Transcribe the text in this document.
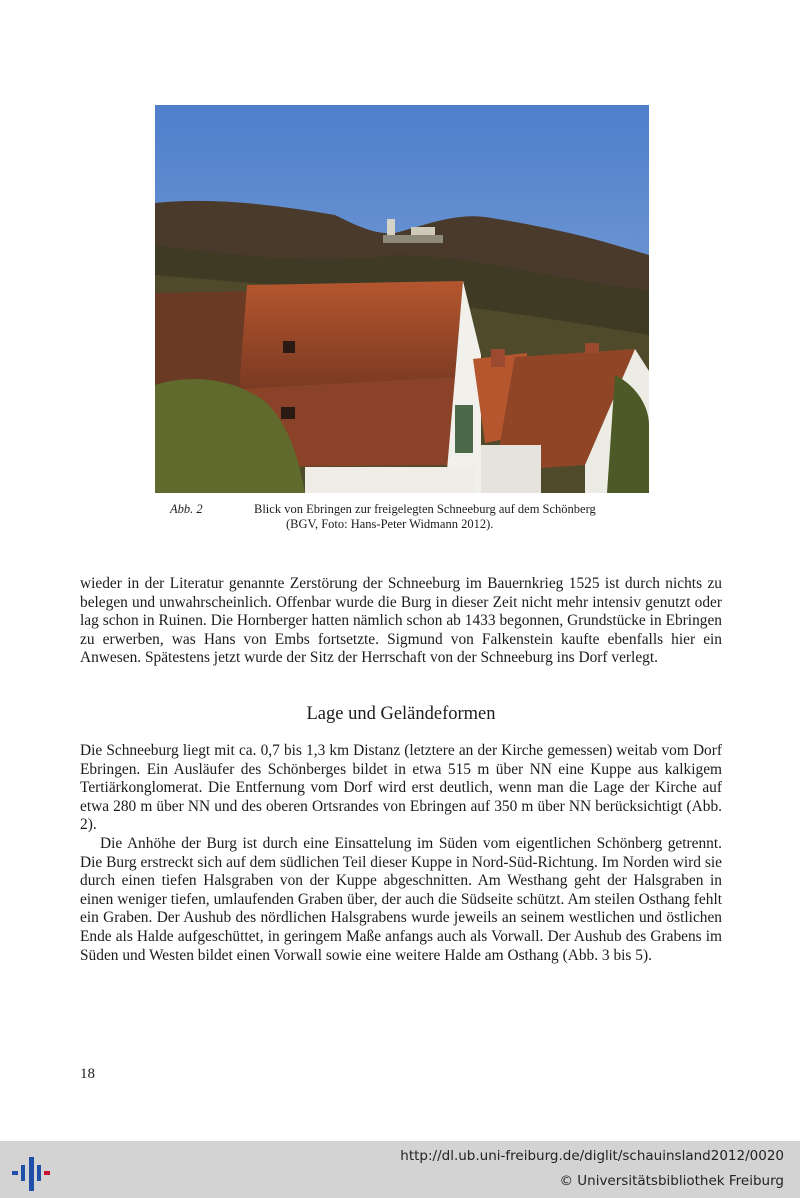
Abb. 2	Blick von Ebringen zur freigelegten Schneeburg auf dem Schönberg
(BGV, Foto: Hans-Peter Widmann 2012).

wieder in der Literatur genannte Zerstörung der Schneeburg im Bauernkrieg 1525 ist durch nichts zu belegen und unwahrscheinlich. Offenbar wurde die Burg in dieser Zeit nicht mehr intensiv genutzt oder lag schon in Ruinen. Die Hornberger hatten nämlich schon ab 1433 begonnen, Grundstücke in Ebringen zu erwerben, was Hans von Embs fortsetzte. Sigmund von Falkenstein kaufte ebenfalls hier ein Anwesen. Spätestens jetzt wurde der Sitz der Herrschaft von der Schneeburg ins Dorf verlegt.

Lage und Geländeformen

Die Schneeburg liegt mit ca. 0,7 bis 1,3 km Distanz (letztere an der Kirche gemessen) weitab vom Dorf Ebringen. Ein Ausläufer des Schönberges bildet in etwa 515 m über NN eine Kuppe aus kalkigem Tertiärkonglomerat. Die Entfernung vom Dorf wird erst deutlich, wenn man die Lage der Kirche auf etwa 280 m über NN und des oberen Ortsrandes von Ebringen auf 350 m über NN berücksichtigt (Abb. 2).

Die Anhöhe der Burg ist durch eine Einsattelung im Süden vom eigentlichen Schönberg getrennt. Die Burg erstreckt sich auf dem südlichen Teil dieser Kuppe in Nord-Süd-Richtung. Im Norden wird sie durch einen tiefen Halsgraben von der Kuppe abgeschnitten. Am Westhang geht der Halsgraben in einen weniger tiefen, umlaufenden Graben über, der auch die Südseite schützt. Am steilen Osthang fehlt ein Graben. Der Aushub des nördlichen Halsgrabens wurde jeweils an seinem westlichen und östlichen Ende als Halde aufgeschüttet, in geringem Maße anfangs auch als Vorwall. Der Aushub des Grabens im Süden und Westen bildet einen Vorwall sowie eine weitere Halde am Osthang (Abb. 3 bis 5).

18
http://dl.ub.uni-freiburg.de/diglit/schauinsland2012/0020
© Universitätsbibliothek Freiburg
